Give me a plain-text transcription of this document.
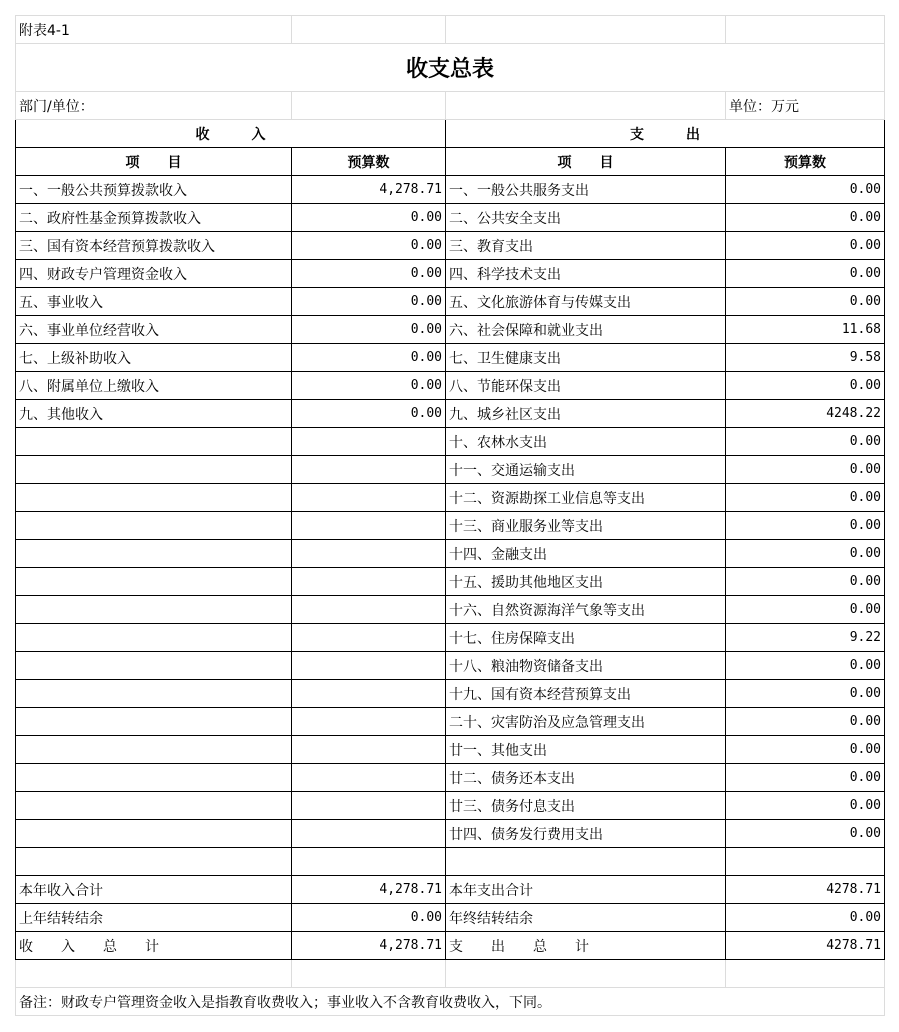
附表4-1			
收支总表			
部门/单位：			单位：万元
收　　　入		支　　　出	
项　　目	预算数	项　　目	预算数
一、一般公共预算拨款收入	4,278.71	一、一般公共服务支出	0.00
二、政府性基金预算拨款收入	0.00	二、公共安全支出	0.00
三、国有资本经营预算拨款收入	0.00	三、教育支出	0.00
四、财政专户管理资金收入	0.00	四、科学技术支出	0.00
五、事业收入	0.00	五、文化旅游体育与传媒支出	0.00
六、事业单位经营收入	0.00	六、社会保障和就业支出	11.68
七、上级补助收入	0.00	七、卫生健康支出	9.58
八、附属单位上缴收入	0.00	八、节能环保支出	0.00
九、其他收入	0.00	九、城乡社区支出	4248.22
		十、农林水支出	0.00
		十一、交通运输支出	0.00
		十二、资源勘探工业信息等支出	0.00
		十三、商业服务业等支出	0.00
		十四、金融支出	0.00
		十五、援助其他地区支出	0.00
		十六、自然资源海洋气象等支出	0.00
		十七、住房保障支出	9.22
		十八、粮油物资储备支出	0.00
		十九、国有资本经营预算支出	0.00
		二十、灾害防治及应急管理支出	0.00
		廿一、其他支出	0.00
		廿二、债务还本支出	0.00
		廿三、债务付息支出	0.00
		廿四、债务发行费用支出	0.00

本年收入合计	4,278.71	本年支出合计	4278.71
上年结转结余	0.00	年终结转结余	0.00
收　　入　　总　　计	4,278.71	支　　出　　总　　计	4278.71

备注：财政专户管理资金收入是指教育收费收入；事业收入不含教育收费收入，下同。			
